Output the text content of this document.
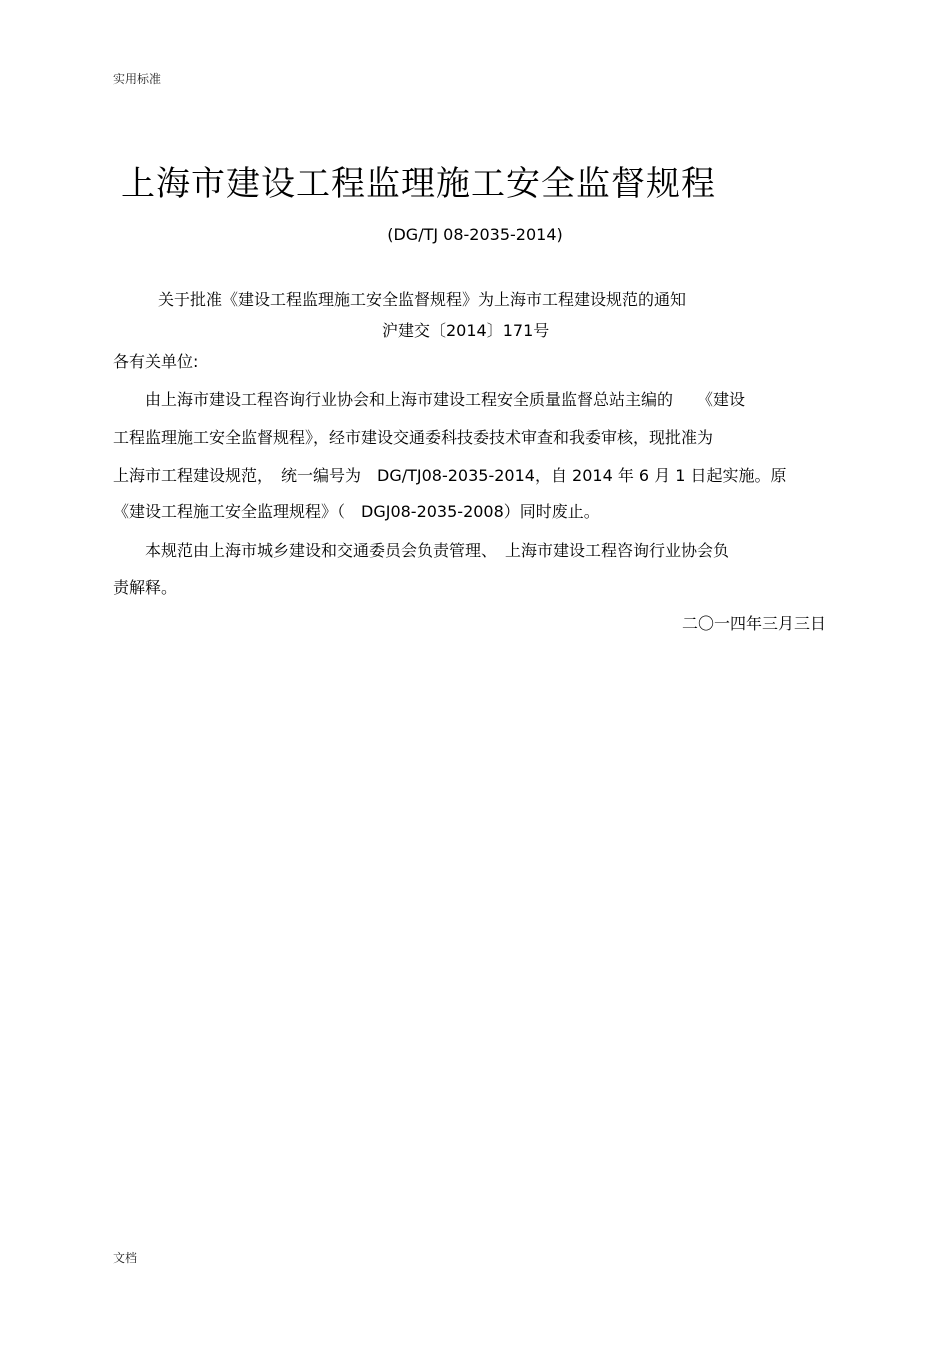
实用标准
上海市建设工程监理施工安全监督规程
(DG/TJ 08-2035-2014)
关于批准《建设工程监理施工安全监督规程》为上海市工程建设规范的通知
沪建交〔2014〕171号
各有关单位:
　　由上海市建设工程咨询行业协会和上海市建设工程安全质量监督总站主编的　　《建设
工程监理施工安全监督规程》，经市建设交通委科技委技术审查和我委审核，现批准为
上海市工程建设规范，　统一编号为　DG/TJ08-2035-2014，自 2014 年 6 月 1 日起实施。原
《建设工程施工安全监理规程》（　DGJ08-2035-2008）同时废止。
　　本规范由上海市城乡建设和交通委员会负责管理、　上海市建设工程咨询行业协会负
责解释。
二〇一四年三月三日
文档
